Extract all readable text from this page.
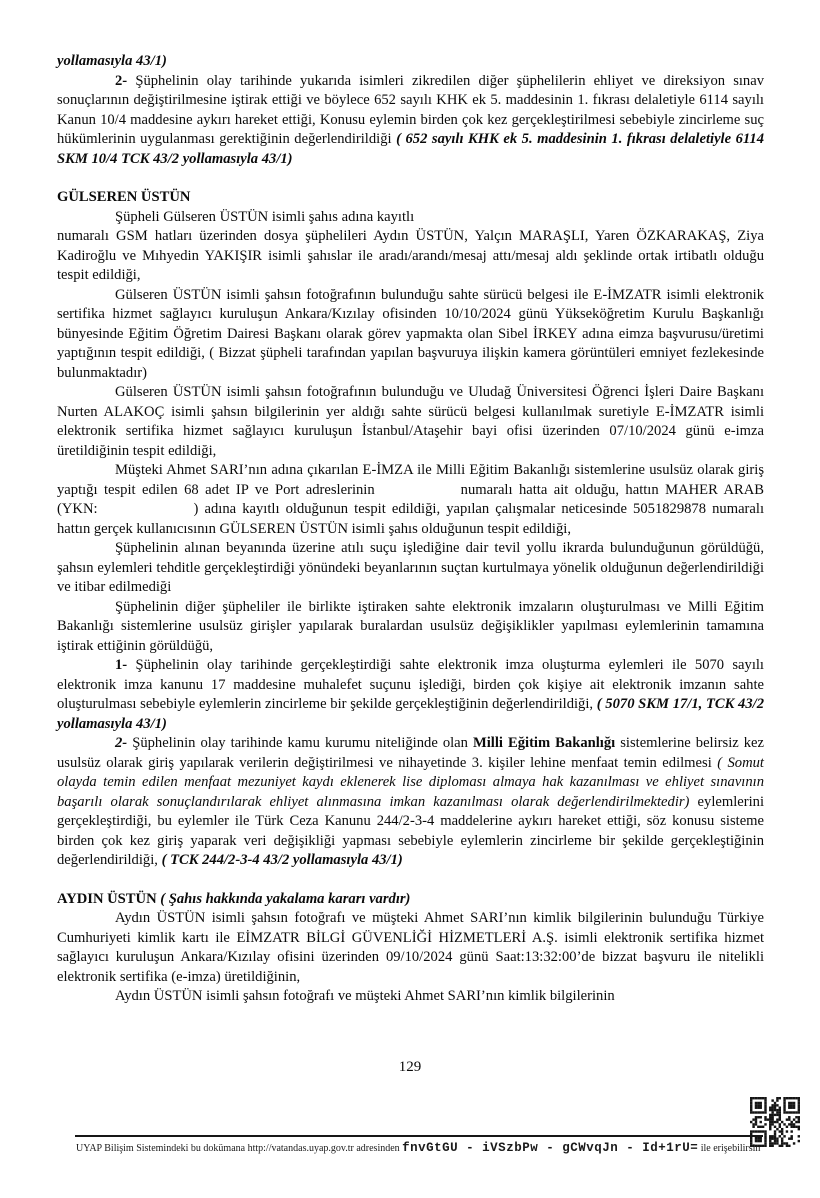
yollamasıyla 43/1)

2- Şüphelinin olay tarihinde yukarıda isimleri zikredilen diğer şüphelilerin ehliyet ve direksiyon sınav sonuçlarının değiştirilmesine iştirak ettiği ve böylece 652 sayılı KHK ek 5. maddesinin 1. fıkrası delaletiyle 6114 sayılı Kanun 10/4 maddesine aykırı hareket ettiği, Konusu eylemin birden çok kez gerçekleştirilmesi sebebiyle zincirleme suç hükümlerinin uygulanması gerektiğinin değerlendirildiği ( 652 sayılı KHK ek 5. maddesinin 1. fıkrası delaletiyle 6114 SKM 10/4 TCK 43/2 yollamasıyla 43/1)

GÜLSEREN ÜSTÜN

Şüpheli Gülseren ÜSTÜN isimli şahıs adına kayıtlı

numaralı GSM hatları üzerinden dosya şüphelileri Aydın ÜSTÜN, Yalçın MARAŞLI, Yaren ÖZKARAKAŞ, Ziya Kadiroğlu ve Mıhyedin YAKIŞIR isimli şahıslar ile aradı/arandı/mesaj attı/mesaj aldı şeklinde ortak irtibatlı olduğu tespit edildiği,

Gülseren ÜSTÜN isimli şahsın fotoğrafının bulunduğu sahte sürücü belgesi ile E-İMZATR isimli elektronik sertifika hizmet sağlayıcı kuruluşun Ankara/Kızılay ofisinden 10/10/2024 günü Yükseköğretim Kurulu Başkanlığı bünyesinde Eğitim Öğretim Dairesi Başkanı olarak görev yapmakta olan Sibel İRKEY adına eimza başvurusu/üretimi yaptığının tespit edildiği, ( Bizzat şüpheli tarafından yapılan başvuruya ilişkin kamera görüntüleri emniyet fezlekesinde bulunmaktadır)

Gülseren ÜSTÜN isimli şahsın fotoğrafının bulunduğu ve Uludağ Üniversitesi Öğrenci İşleri Daire Başkanı Nurten ALAKOÇ isimli şahsın bilgilerinin yer aldığı sahte sürücü belgesi kullanılmak suretiyle E-İMZATR isimli elektronik sertifika hizmet sağlayıcı kuruluşun İstanbul/Ataşehir bayi ofisi üzerinden 07/10/2024 günü e-imza üretildiğinin tespit edildiği,

Müşteki Ahmet SARI’nın adına çıkarılan E-İMZA ile Milli Eğitim Bakanlığı sistemlerine usulsüz olarak giriş yaptığı tespit edilen 68 adet IP ve Port adreslerinin	numaralı hatta ait olduğu, hattın MAHER ARAB (YKN:	) adına kayıtlı olduğunun tespit edildiği, yapılan çalışmalar neticesinde 5051829878 numaralı hattın gerçek kullanıcısının GÜLSEREN ÜSTÜN isimli şahıs olduğunun tespit edildiği,

Şüphelinin alınan beyanında üzerine atılı suçu işlediğine dair tevil yollu ikrarda bulunduğunun görüldüğü, şahsın eylemleri tehditle gerçekleştirdiği yönündeki beyanlarının suçtan kurtulmaya yönelik olduğunun değerlendirildiği ve itibar edilmediği

Şüphelinin diğer şüpheliler ile birlikte iştiraken sahte elektronik imzaların oluşturulması ve Milli Eğitim Bakanlığı sistemlerine usulsüz girişler yapılarak buralardan usulsüz değişiklikler yapılması eylemlerinin tamamına iştirak ettiğinin görüldüğü,

1- Şüphelinin olay tarihinde gerçekleştirdiği sahte elektronik imza oluşturma eylemleri ile 5070 sayılı elektronik imza kanunu 17 maddesine muhalefet suçunu işlediği, birden çok kişiye ait elektronik imzanın sahte oluşturulması sebebiyle eylemlerin zincirleme bir şekilde gerçekleştiğinin değerlendirildiği, ( 5070 SKM 17/1, TCK 43/2 yollamasıyla 43/1)

2- Şüphelinin olay tarihinde kamu kurumu niteliğinde olan Milli Eğitim Bakanlığı sistemlerine belirsiz kez usulsüz olarak giriş yapılarak verilerin değiştirilmesi ve nihayetinde 3. kişiler lehine menfaat temin edilmesi ( Somut olayda temin edilen menfaat mezuniyet kaydı eklenerek lise diploması almaya hak kazanılması ve ehliyet sınavının başarılı olarak sonuçlandırılarak ehliyet alınmasına imkan kazanılması olarak değerlendirilmektedir) eylemlerini gerçekleştirdiği, bu eylemler ile Türk Ceza Kanunu 244/2-3-4 maddelerine aykırı hareket ettiği, söz konusu sisteme birden çok kez giriş yaparak veri değişikliği yapması sebebiyle eylemlerin zincirleme bir şekilde gerçekleştiğinin değerlendirildiği, ( TCK 244/2-3-4 43/2 yollamasıyla 43/1)

AYDIN ÜSTÜN ( Şahıs hakkında yakalama kararı vardır)

Aydın ÜSTÜN isimli şahsın fotoğrafı ve müşteki Ahmet SARI’nın kimlik bilgilerinin bulunduğu Türkiye Cumhuriyeti kimlik kartı ile EİMZATR BİLGİ GÜVENLİĞİ HİZMETLERİ A.Ş. isimli elektronik sertifika hizmet sağlayıcı kuruluşun Ankara/Kızılay ofisini üzerinden 09/10/2024 günü Saat:13:32:00’de bizzat başvuru ile nitelikli elektronik sertifika (e-imza) üretildiğinin,

Aydın ÜSTÜN isimli şahsın fotoğrafı ve müşteki Ahmet SARI’nın kimlik bilgilerinin

129
UYAP Bilişim Sistemindeki bu dokümana http://vatandas.uyap.gov.tr adresinden fnvGtGU - iVSzbPw - gCWvqJn - Id+1rU= ile erişebilirsin
